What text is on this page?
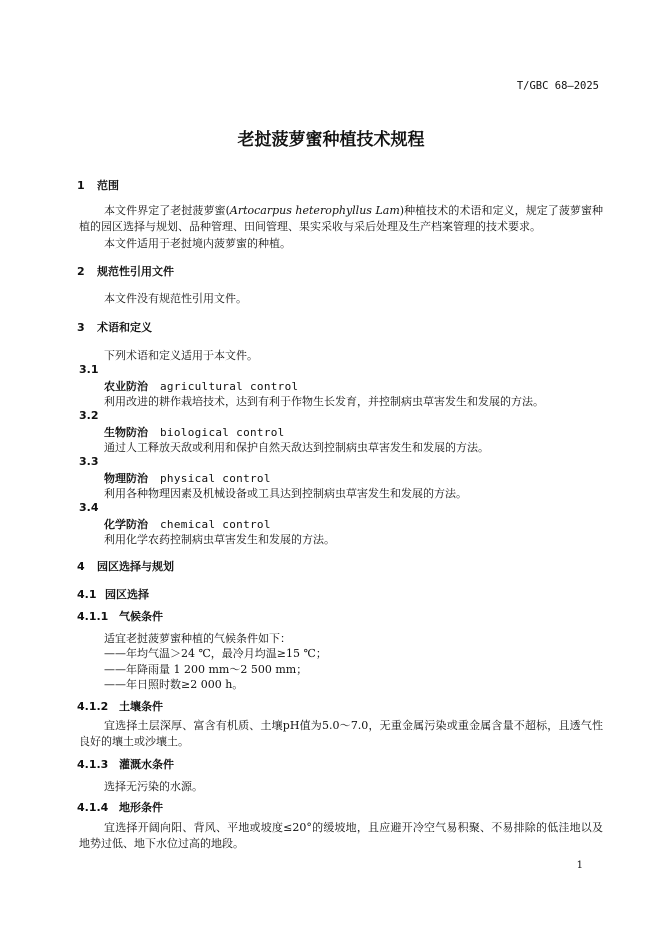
T/GBC 68—2025
老挝菠萝蜜种植技术规程
1 范围
本文件界定了老挝菠萝蜜(Artocarpus heterophyllus Lam)种植技术的术语和定义，规定了菠萝蜜种植的园区选择与规划、品种管理、田间管理、果实采收与采后处理及生产档案管理的技术要求。
本文件适用于老挝境内菠萝蜜的种植。
2 规范性引用文件
本文件没有规范性引用文件。
3 术语和定义
下列术语和定义适用于本文件。
3.1
农业防治 agricultural control
利用改进的耕作栽培技术，达到有利于作物生长发育，并控制病虫草害发生和发展的方法。
3.2
生物防治 biological control
通过人工释放天敌或利用和保护自然天敌达到控制病虫草害发生和发展的方法。
3.3
物理防治 physical control
利用各种物理因素及机械设备或工具达到控制病虫草害发生和发展的方法。
3.4
化学防治 chemical control
利用化学农药控制病虫草害发生和发展的方法。
4 园区选择与规划
4.1 园区选择
4.1.1 气候条件
适宜老挝菠萝蜜种植的气候条件如下：
——年均气温＞24 ℃，最冷月均温≥15 ℃；
——年降雨量 1 200 mm～2 500 mm；
——年日照时数≥2 000 h。
4.1.2 土壤条件
宜选择土层深厚、富含有机质、土壤pH值为5.0～7.0，无重金属污染或重金属含量不超标，且透气性良好的壤土或沙壤土。
4.1.3 灌溉水条件
选择无污染的水源。
4.1.4 地形条件
宜选择开阔向阳、背风、平地或坡度≤20°的缓坡地，且应避开冷空气易积聚、不易排除的低洼地以及地势过低、地下水位过高的地段。
1
